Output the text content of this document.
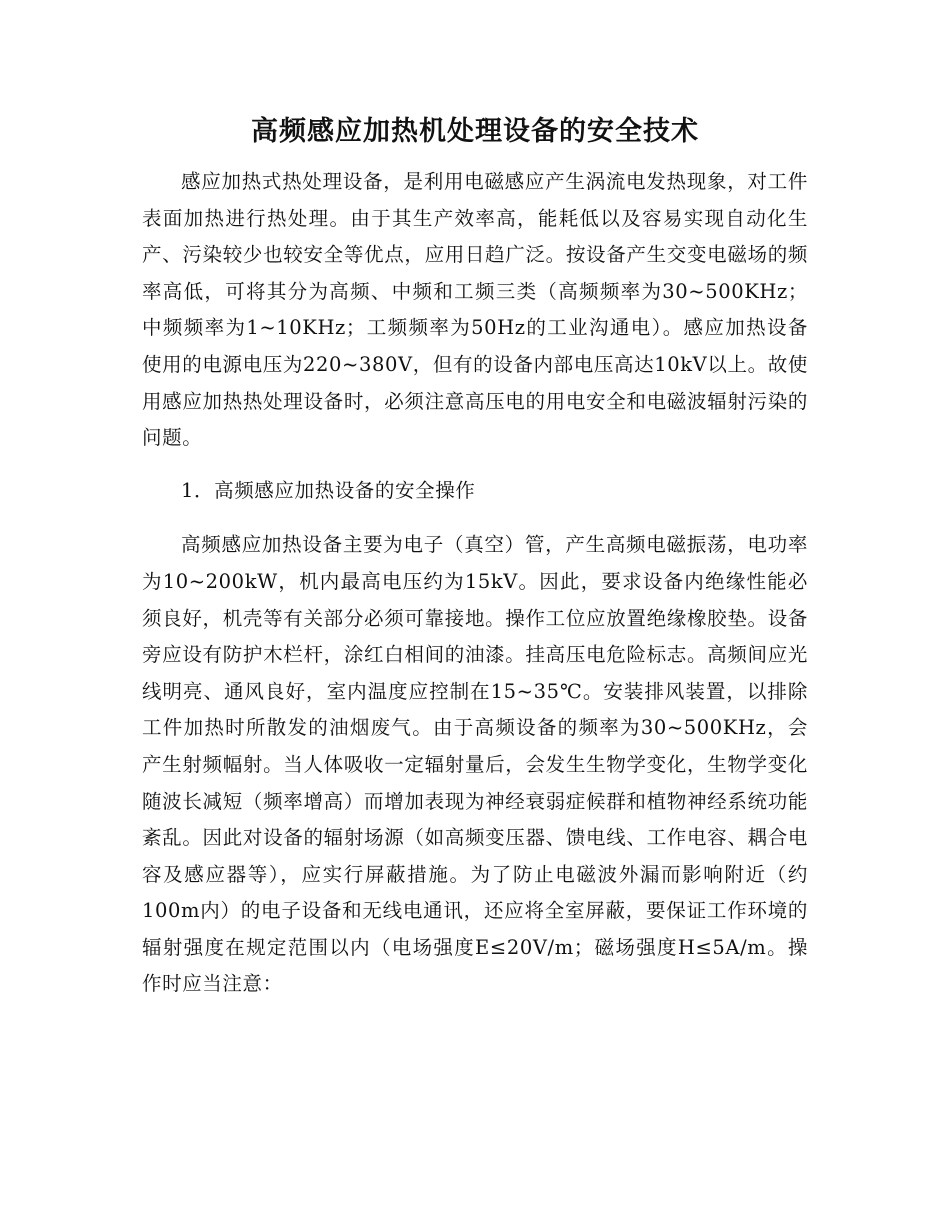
高频感应加热机处理设备的安全技术

感应加热式热处理设备，是利用电磁感应产生涡流电发热现象，对工件表面加热进行热处理。由于其生产效率高，能耗低以及容易实现自动化生产、污染较少也较安全等优点，应用日趋广泛。按设备产生交变电磁场的频率高低，可将其分为高频、中频和工频三类（高频频率为30~500KHz；中频频率为1~10KHz；工频频率为50Hz的工业沟通电）。感应加热设备使用的电源电压为220~380V，但有的设备内部电压高达10kV以上。故使用感应加热热处理设备时，必须注意高压电的用电安全和电磁波辐射污染的问题。

1．高频感应加热设备的安全操作

高频感应加热设备主要为电子（真空）管，产生高频电磁振荡，电功率为10~200kW，机内最高电压约为15kV。因此，要求设备内绝缘性能必须良好，机壳等有关部分必须可靠接地。操作工位应放置绝缘橡胶垫。设备旁应设有防护木栏杆，涂红白相间的油漆。挂高压电危险标志。高频间应光线明亮、通风良好，室内温度应控制在15~35℃。安装排风装置，以排除工件加热时所散发的油烟废气。由于高频设备的频率为30~500KHz，会产生射频幅射。当人体吸收一定辐射量后，会发生生物学变化，生物学变化随波长减短（频率增高）而增加表现为神经衰弱症候群和植物神经系统功能紊乱。因此对设备的辐射场源（如高频变压器、馈电线、工作电容、耦合电容及感应器等），应实行屏蔽措施。为了防止电磁波外漏而影响附近（约100m内）的电子设备和无线电通讯，还应将全室屏蔽，要保证工作环境的辐射强度在规定范围以内（电场强度E≤20V/m；磁场强度H≤5A/m。操作时应当注意：
